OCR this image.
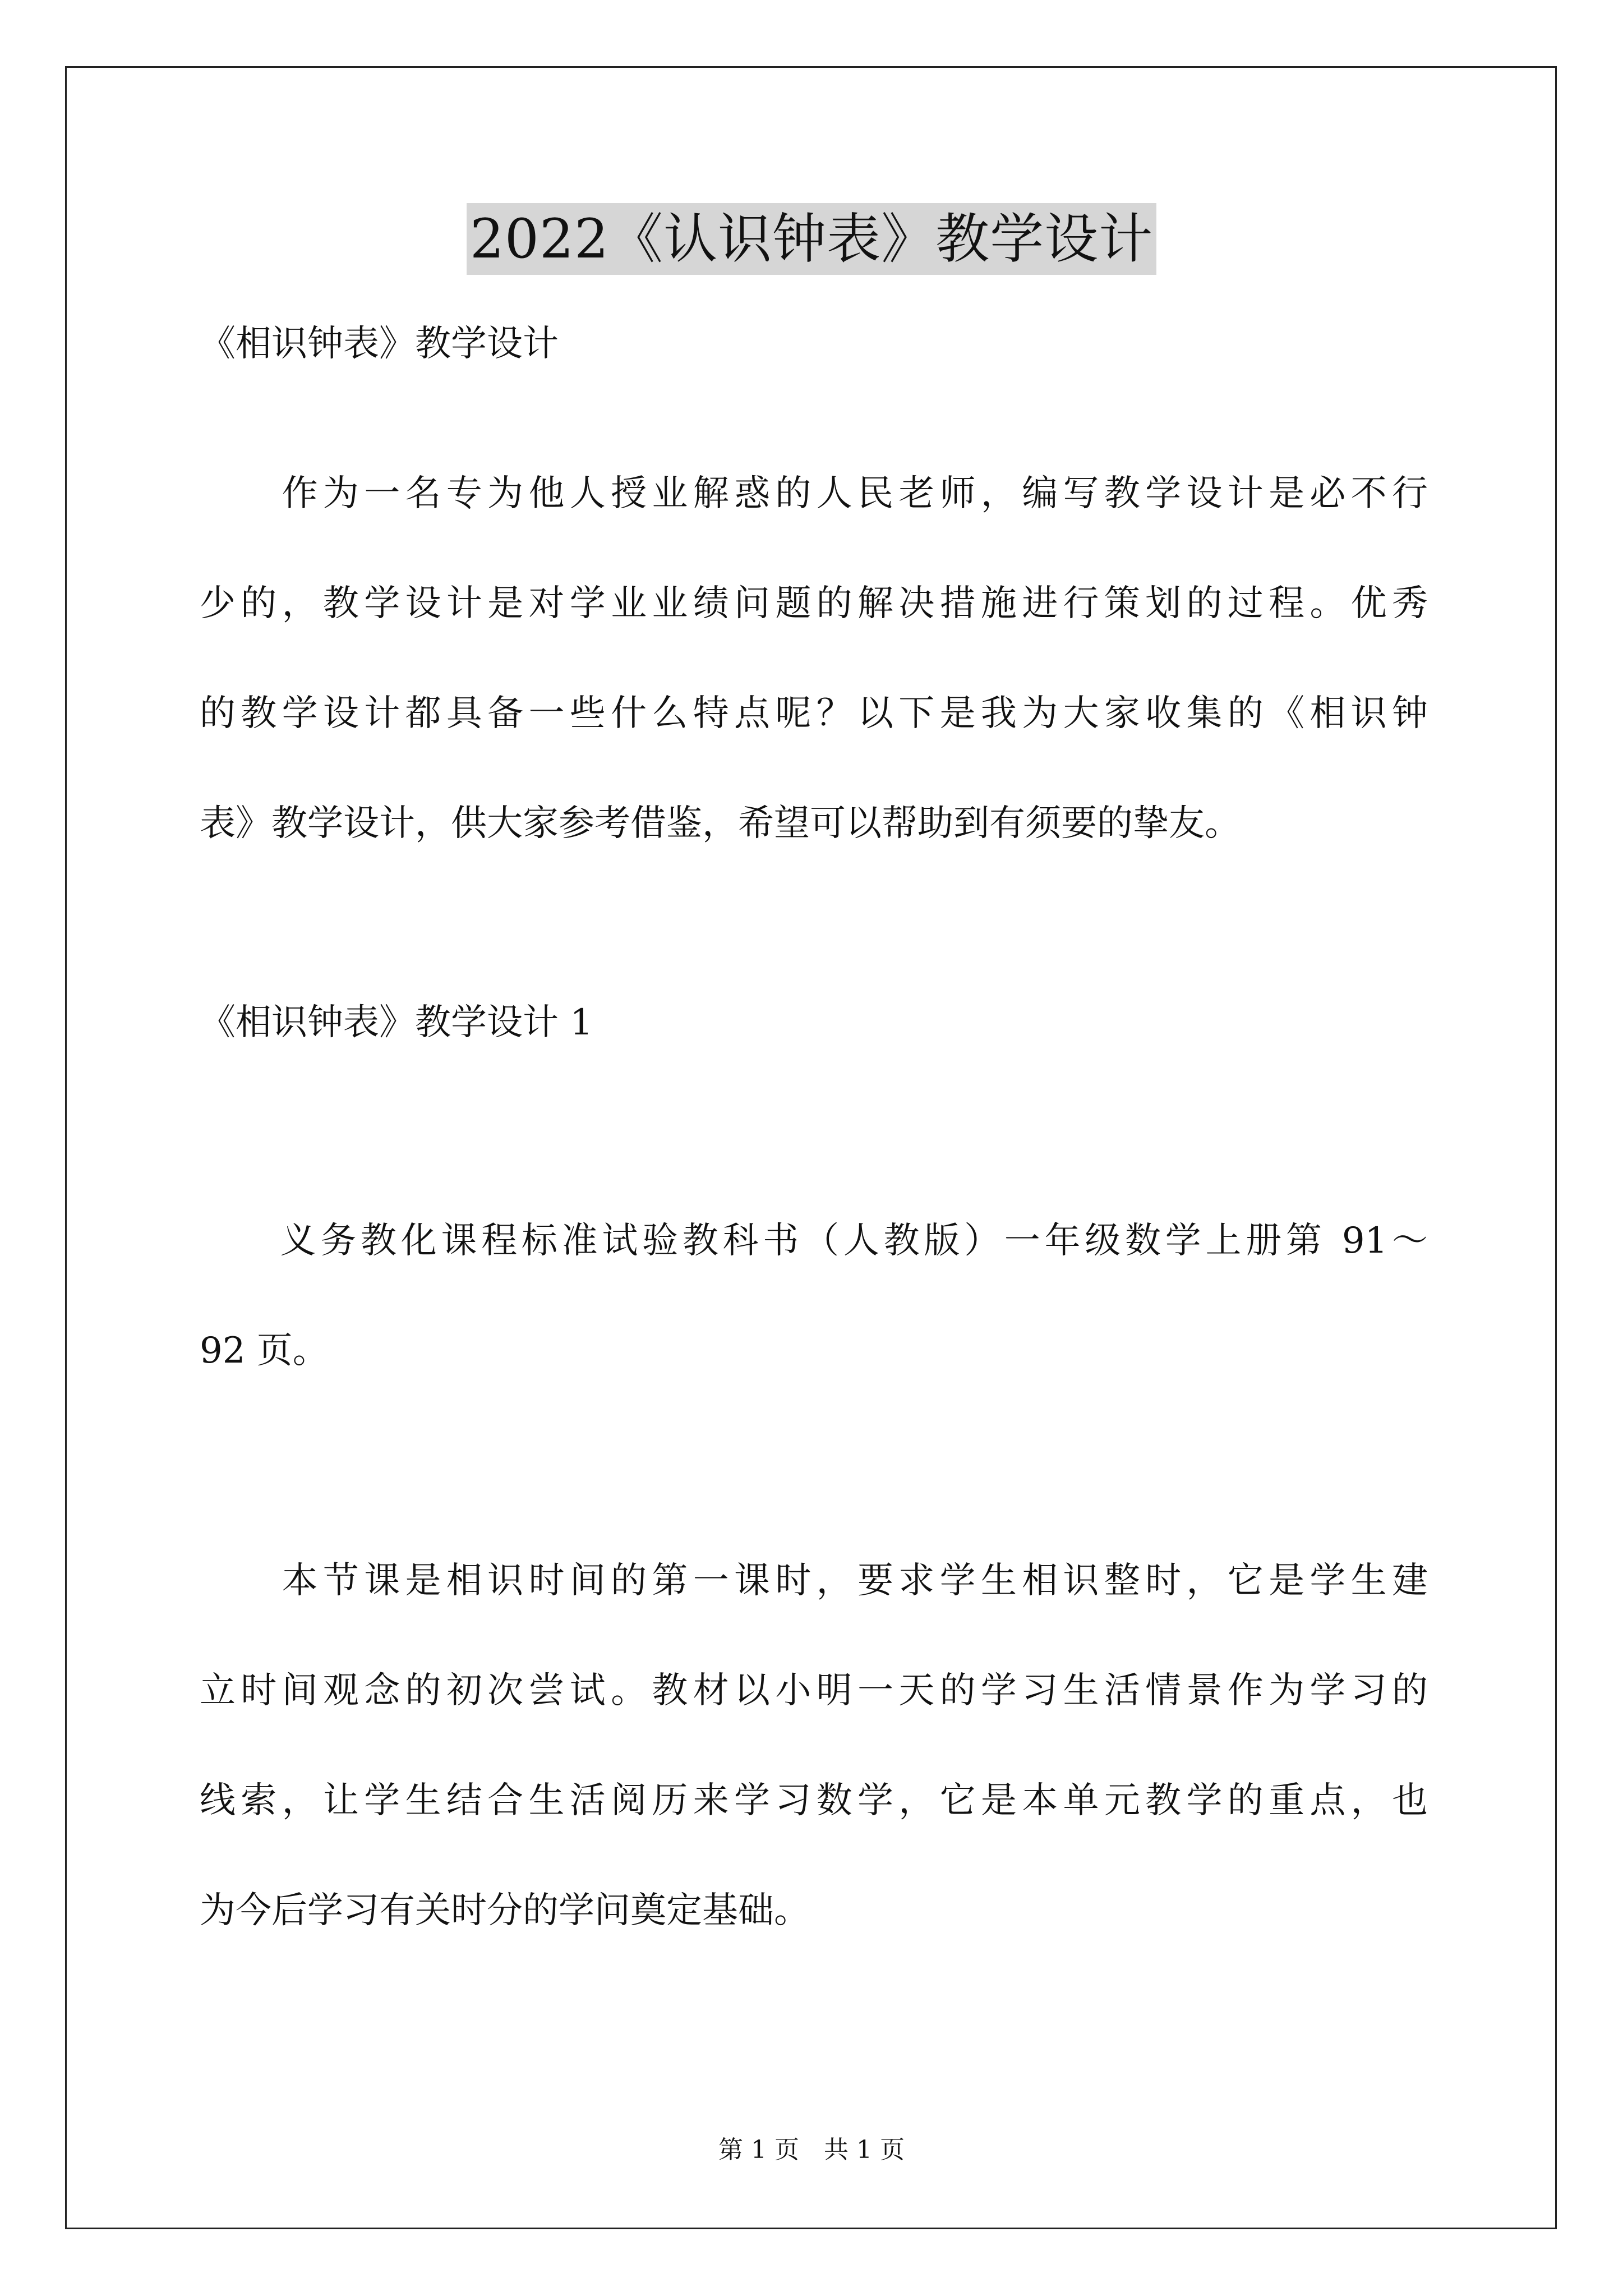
2022《认识钟表》教学设计

《相识钟表》教学设计

　　作为一名专为他人授业解惑的人民老师，编写教学设计是必不行
少的，教学设计是对学业业绩问题的解决措施进行策划的过程。优秀
的教学设计都具备一些什么特点呢？以下是我为大家收集的《相识钟
表》教学设计，供大家参考借鉴，希望可以帮助到有须要的挚友。

《相识钟表》教学设计 1

　　义务教化课程标准试验教科书（人教版）一年级数学上册第 91～
92 页。
　　本节课是相识时间的第一课时，要求学生相识整时，它是学生建
立时间观念的初次尝试。教材以小明一天的学习生活情景作为学习的
线索，让学生结合生活阅历来学习数学，它是本单元教学的重点，也
为今后学习有关时分的学问奠定基础。
第 1 页　共 1 页
